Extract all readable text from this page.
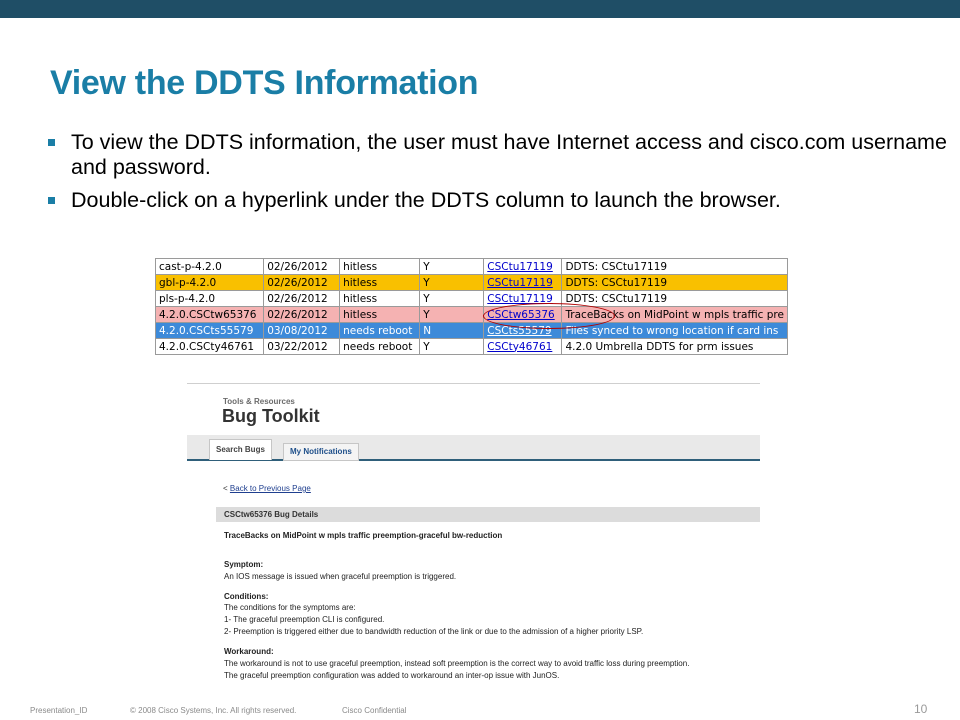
View the DDTS Information
To view the DDTS information, the user must have Internet access and cisco.com username and password.
Double-click on a hyperlink under the DDTS column to launch the browser.
cast-p-4.2.0	02/26/2012	hitless	Y	CSCtu17119	DDTS: CSCtu17119
gbl-p-4.2.0	02/26/2012	hitless	Y	CSCtu17119	DDTS: CSCtu17119
pls-p-4.2.0	02/26/2012	hitless	Y	CSCtu17119	DDTS: CSCtu17119
4.2.0.CSCtw65376	02/26/2012	hitless	Y	CSCtw65376	TraceBacks on MidPoint w mpls traffic pre
4.2.0.CSCts55579	03/08/2012	needs reboot	N	CSCts55579	Files synced to wrong location if card ins
4.2.0.CSCty46761	03/22/2012	needs reboot	Y	CSCty46761	4.2.0 Umbrella DDTS for prm issues
Tools & Resources
Bug Toolkit
Search Bugs	My Notifications
< Back to Previous Page
CSCtw65376 Bug Details
TraceBacks on MidPoint w mpls traffic preemption-graceful bw-reduction
Symptom:
An IOS message is issued when graceful preemption is triggered.
Conditions:
The conditions for the symptoms are:
1- The graceful preemption CLI is configured.
2- Preemption is triggered either due to bandwidth reduction of the link or due to the admission of a higher priority LSP.
Workaround:
The workaround is not to use graceful preemption, instead soft preemption is the correct way to avoid traffic loss during preemption.
The graceful preemption configuration was added to workaround an inter-op issue with JunOS.
Presentation_ID	© 2008 Cisco Systems, Inc. All rights reserved.	Cisco Confidential	10
